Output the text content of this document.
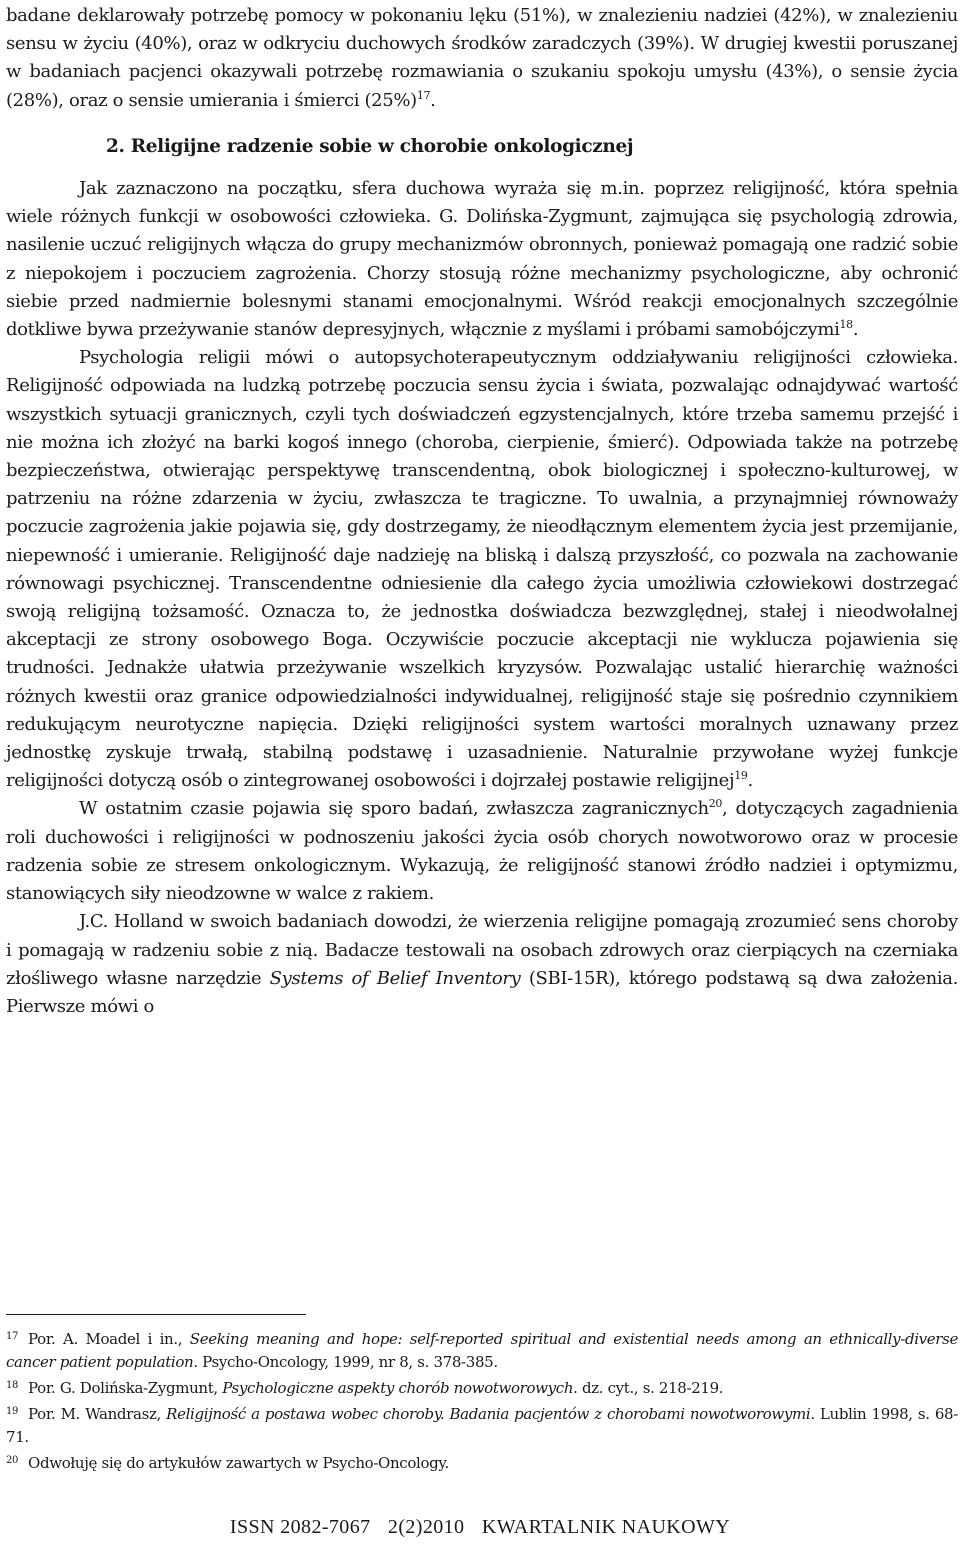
badane deklarowały potrzebę pomocy w pokonaniu lęku (51%), w znalezieniu nadziei (42%), w znalezieniu sensu w życiu (40%), oraz w odkryciu duchowych środków zaradczych (39%). W drugiej kwestii poruszanej w badaniach pacjenci okazywali potrzebę rozmawiania o szukaniu spokoju umysłu (43%), o sensie życia (28%), oraz o sensie umierania i śmierci $(25\%)^{17}$.

2. Religijne radzenie sobie w chorobie onkologicznej

Jak zaznaczono na początku, sfera duchowa wyraża się m.in. poprzez religijność, która spełnia wiele różnych funkcji w osobowości człowieka. G. Dolińska-Zygmunt, zajmująca się psychologią zdrowia, nasilenie uczuć religijnych włącza do grupy mechanizmów obronnych, ponieważ pomagają one radzić sobie z niepokojem i poczuciem zagrożenia. Chorzy stosują różne mechanizmy psychologiczne, aby ochronić siebie przed nadmiernie bolesnymi stanami emocjonalnymi. Wśród reakcji emocjonalnych szczególnie dotkliwe bywa przeżywanie stanów depresyjnych, włącznie z myślami i próbami samobójczymi$^{18}$.

Psychologia religii mówi o autopsychoterapeutycznym oddziaływaniu religijności człowieka. Religijność odpowiada na ludzką potrzebę poczucia sensu życia i świata, pozwalając odnajdywać wartość wszystkich sytuacji granicznych, czyli tych doświadczeń egzystencjalnych, które trzeba samemu przejść i nie można ich złożyć na barki kogoś innego (choroba, cierpienie, śmierć). Odpowiada także na potrzebę bezpieczeństwa, otwierając perspektywę transcendentną, obok biologicznej i społeczno-kulturowej, w patrzeniu na różne zdarzenia w życiu, zwłaszcza te tragiczne. To uwalnia, a przynajmniej równoważy poczucie zagrożenia jakie pojawia się, gdy dostrzegamy, że nieodłącznym elementem życia jest przemijanie, niepewność i umieranie. Religijność daje nadzieję na bliską i dalszą przyszłość, co pozwala na zachowanie równowagi psychicznej. Transcendentne odniesienie dla całego życia umożliwia człowiekowi dostrzegać swoją religijną tożsamość. Oznacza to, że jednostka doświadcza bezwzględnej, stałej i nieodwołalnej akceptacji ze strony osobowego Boga. Oczywiście poczucie akceptacji nie wyklucza pojawienia się trudności. Jednakże ułatwia przeżywanie wszelkich kryzysów. Pozwalając ustalić hierarchię ważności różnych kwestii oraz granice odpowiedzialności indywidualnej, religijność staje się pośrednio czynnikiem redukującym neurotyczne napięcia. Dzięki religijności system wartości moralnych uznawany przez jednostkę zyskuje trwałą, stabilną podstawę i uzasadnienie. Naturalnie przywołane wyżej funkcje religijności dotyczą osób o zintegrowanej osobowości i dojrzałej postawie religijnej$^{19}$.

W ostatnim czasie pojawia się sporo badań, zwłaszcza zagranicznych$^{20}$, dotyczących zagadnienia roli duchowości i religijności w podnoszeniu jakości życia osób chorych nowotworowo oraz w procesie radzenia sobie ze stresem onkologicznym. Wykazują, że religijność stanowi źródło nadziei i optymizmu, stanowiących siły nieodzowne w walce z rakiem.

J.C. Holland w swoich badaniach dowodzi, że wierzenia religijne pomagają zrozumieć sens choroby i pomagają w radzeniu sobie z nią. Badacze testowali na osobach zdrowych oraz cierpiących na czerniaka złośliwego własne narzędzie Systems of Belief Inventory (SBI-15R), którego podstawą są dwa założenia. Pierwsze mówi o

$^{17}$ Por. A. Moadel i in., Seeking meaning and hope: self-reported spiritual and existential needs among an ethnically-diverse cancer patient population. Psycho-Oncology, 1999, nr 8, s. 378-385.

$^{18}$ Por. G. Dolińska-Zygmunt, Psychologiczne aspekty chorób nowotworowych. dz. cyt., s. 218-219.

$^{19}$ Por. M. Wandrasz, Religijność a postawa wobec choroby. Badania pacjentów z chorobami nowotworowymi. Lublin 1998, s. 68-71.

$^{20}$ Odwołuję się do artykułów zawartych w Psycho-Oncology.

ISSN 2082-7067 2(2)2010 KWARTALNIK NAUKOWY
